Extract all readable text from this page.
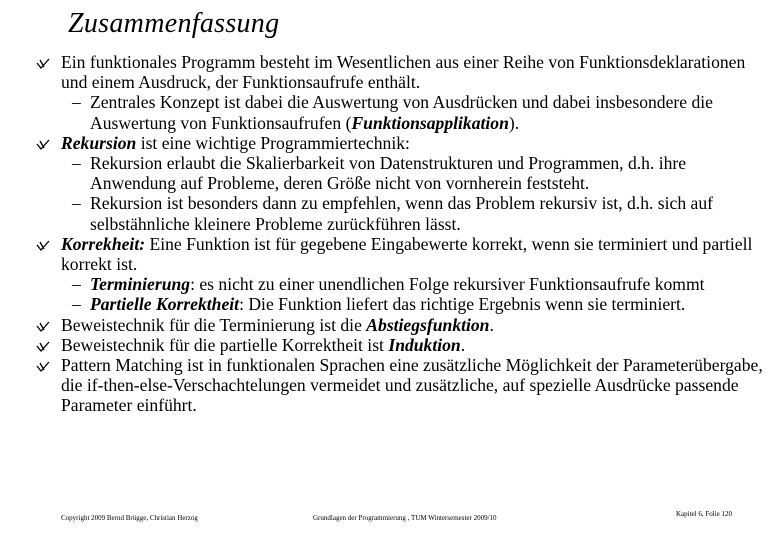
Zusammenfassung
Ein funktionales Programm besteht im Wesentlichen aus einer Reihe von Funktionsdeklarationen und einem Ausdruck, der Funktionsaufrufe enthält.
– Zentrales Konzept ist dabei die Auswertung von Ausdrücken und dabei insbesondere die Auswertung von Funktionsaufrufen (Funktionsapplikation).
Rekursion ist eine wichtige Programmiertechnik:
– Rekursion erlaubt die Skalierbarkeit von Datenstrukturen und Programmen, d.h. ihre Anwendung auf Probleme, deren Größe nicht von vornherein feststeht.
– Rekursion ist besonders dann zu empfehlen, wenn das Problem rekursiv ist, d.h. sich auf selbstähnliche kleinere Probleme zurückführen lässt.
Korrekheit: Eine Funktion ist für gegebene Eingabewerte korrekt, wenn sie terminiert und partiell korrekt ist.
– Terminierung: es nicht zu einer unendlichen Folge rekursiver Funktionsaufrufe kommt
– Partielle Korrektheit: Die Funktion liefert das richtige Ergebnis wenn sie terminiert.
Beweistechnik für die Terminierung ist die Abstiegsfunktion.
Beweistechnik für die partielle Korrektheit ist Induktion.
Pattern Matching ist in funktionalen Sprachen eine zusätzliche Möglichkeit der Parameterübergabe, die if-then-else-Verschachtelungen vermeidet und zusätzliche, auf spezielle Ausdrücke passende Parameter einführt.
Copyright 2009 Bernd Brügge, Christian Herzog	Grundlagen der Programmierung , TUM Wintersemester 2009/10	Kapitel 6, Folie 120
